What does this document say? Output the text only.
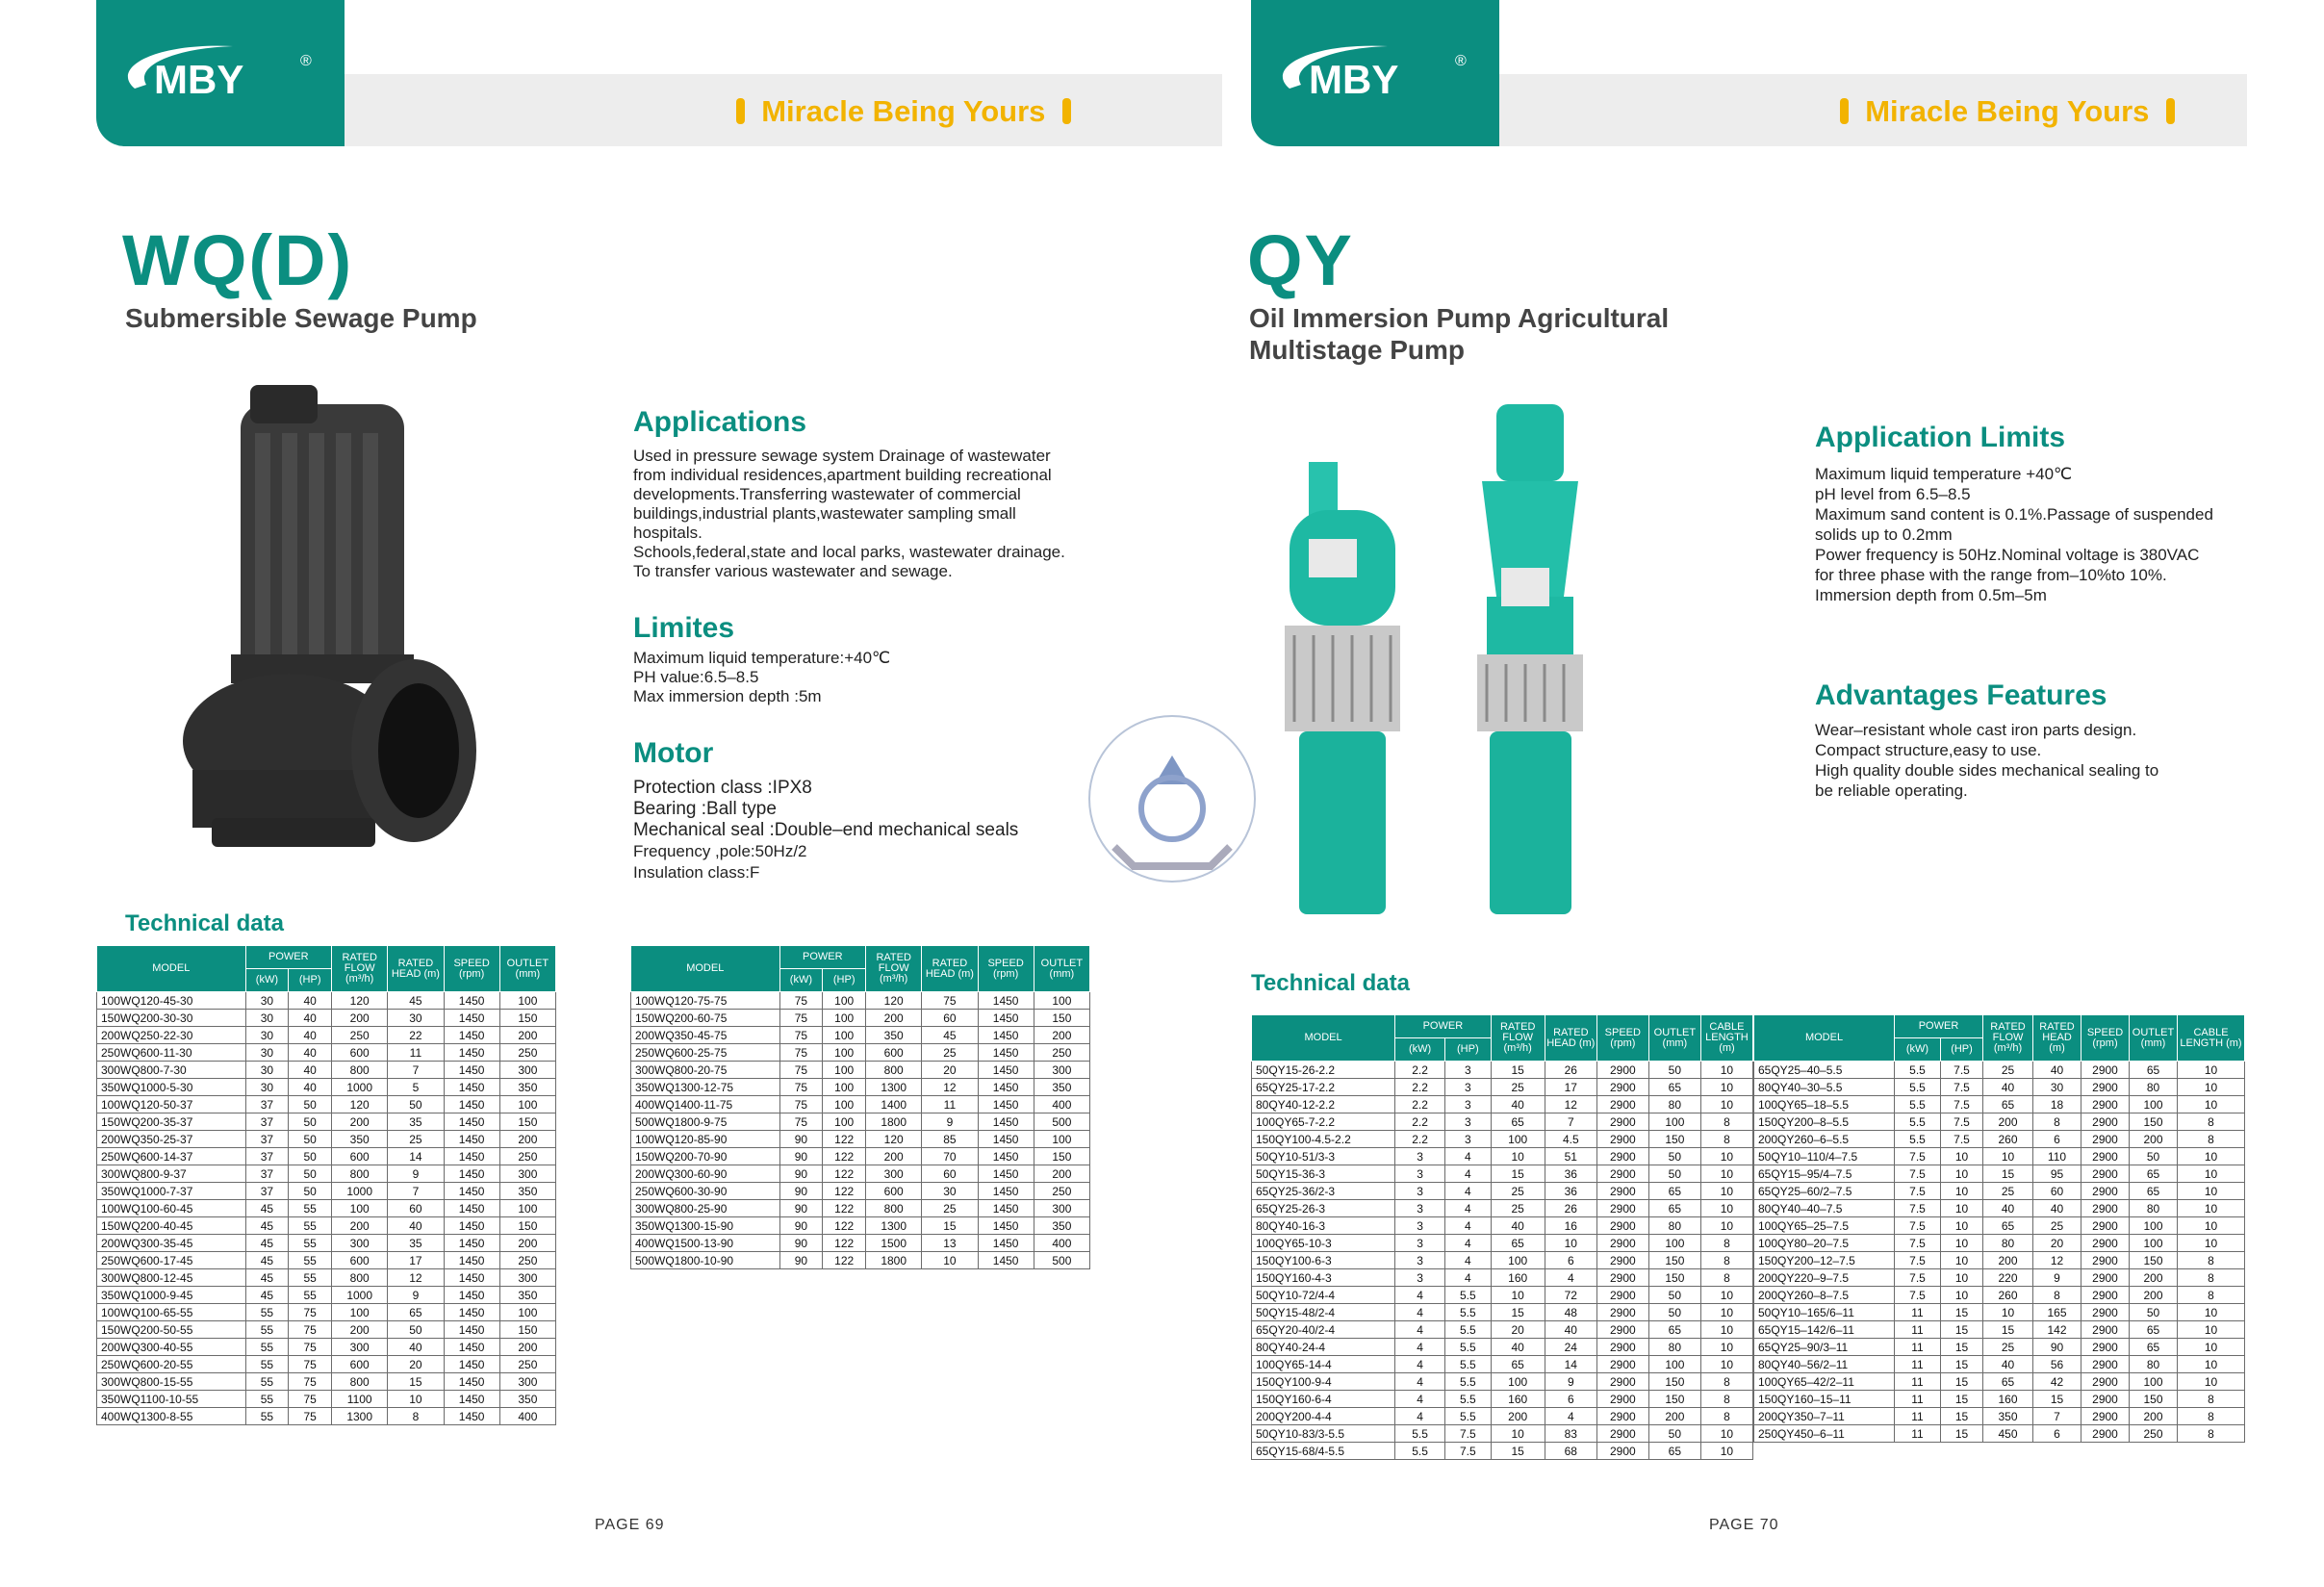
MBY	®
Miracle Being Yours
MBY	®
Miracle Being Yours
WQ(D)
Submersible Sewage Pump
Applications
Used in pressure sewage system Drainage of wastewater
from individual residences,apartment building recreational
developments.Transferring wastewater of commercial
buildings,industrial plants,wastewater sampling small
hospitals.
Schools,federal,state and local parks, wastewater drainage.
To transfer various wastewater and sewage.
Limites
Maximum liquid temperature:+40℃
PH value:6.5–8.5
Max immersion depth :5m
Motor
Protection class :IPX8
Bearing :Ball type
Mechanical seal :Double–end mechanical seals
Frequency ,pole:50Hz/2
Insulation class:F
Technical data
MODEL	POWER		RATED FLOW (m³/h)	RATED HEAD (m)	SPEED (rpm)	OUTLET (mm)
	(kW)	(HP)				
100WQ120-45-30	30	40	120	45	1450	100
150WQ200-30-30	30	40	200	30	1450	150
200WQ250-22-30	30	40	250	22	1450	200
250WQ600-11-30	30	40	600	11	1450	250
300WQ800-7-30	30	40	800	7	1450	300
350WQ1000-5-30	30	40	1000	5	1450	350
100WQ120-50-37	37	50	120	50	1450	100
150WQ200-35-37	37	50	200	35	1450	150
200WQ350-25-37	37	50	350	25	1450	200
250WQ600-14-37	37	50	600	14	1450	250
300WQ800-9-37	37	50	800	9	1450	300
350WQ1000-7-37	37	50	1000	7	1450	350
100WQ100-60-45	45	55	100	60	1450	100
150WQ200-40-45	45	55	200	40	1450	150
200WQ300-35-45	45	55	300	35	1450	200
250WQ600-17-45	45	55	600	17	1450	250
300WQ800-12-45	45	55	800	12	1450	300
350WQ1000-9-45	45	55	1000	9	1450	350
100WQ100-65-55	55	75	100	65	1450	100
150WQ200-50-55	55	75	200	50	1450	150
200WQ300-40-55	55	75	300	40	1450	200
250WQ600-20-55	55	75	600	20	1450	250
300WQ800-15-55	55	75	800	15	1450	300
350WQ1100-10-55	55	75	1100	10	1450	350
400WQ1300-8-55	55	75	1300	8	1450	400
MODEL	POWER		RATED FLOW (m³/h)	RATED HEAD (m)	SPEED (rpm)	OUTLET (mm)
	(kW)	(HP)				
100WQ120-75-75	75	100	120	75	1450	100
150WQ200-60-75	75	100	200	60	1450	150
200WQ350-45-75	75	100	350	45	1450	200
250WQ600-25-75	75	100	600	25	1450	250
300WQ800-20-75	75	100	800	20	1450	300
350WQ1300-12-75	75	100	1300	12	1450	350
400WQ1400-11-75	75	100	1400	11	1450	400
500WQ1800-9-75	75	100	1800	9	1450	500
100WQ120-85-90	90	122	120	85	1450	100
150WQ200-70-90	90	122	200	70	1450	150
200WQ300-60-90	90	122	300	60	1450	200
250WQ600-30-90	90	122	600	30	1450	250
300WQ800-25-90	90	122	800	25	1450	300
350WQ1300-15-90	90	122	1300	15	1450	350
400WQ1500-13-90	90	122	1500	13	1450	400
500WQ1800-10-90	90	122	1800	10	1450	500
PAGE 69
QY
Oil Immersion Pump Agricultural
Multistage Pump
Application Limits
Maximum liquid temperature +40℃
pH level from 6.5–8.5
Maximum sand content is 0.1%.Passage of suspended
solids up to 0.2mm
Power frequency is 50Hz.Nominal voltage is 380VAC
for three phase with the range from–10%to 10%.
Immersion depth from 0.5m–5m
Advantages Features
Wear–resistant whole cast iron parts design.
Compact structure,easy to use.
High quality double sides mechanical sealing to
be reliable operating.
Technical data
MODEL	POWER		RATED FLOW (m³/h)	RATED HEAD (m)	SPEED (rpm)	OUTLET (mm)	CABLE LENGTH (m)
	(kW)	(HP)					
50QY15-26-2.2	2.2	3	15	26	2900	50	10
65QY25-17-2.2	2.2	3	25	17	2900	65	10
80QY40-12-2.2	2.2	3	40	12	2900	80	10
100QY65-7-2.2	2.2	3	65	7	2900	100	8
150QY100-4.5-2.2	2.2	3	100	4.5	2900	150	8
50QY10-51/3-3	3	4	10	51	2900	50	10
50QY15-36-3	3	4	15	36	2900	50	10
65QY25-36/2-3	3	4	25	36	2900	65	10
65QY25-26-3	3	4	25	26	2900	65	10
80QY40-16-3	3	4	40	16	2900	80	10
100QY65-10-3	3	4	65	10	2900	100	8
150QY100-6-3	3	4	100	6	2900	150	8
150QY160-4-3	3	4	160	4	2900	150	8
50QY10-72/4-4	4	5.5	10	72	2900	50	10
50QY15-48/2-4	4	5.5	15	48	2900	50	10
65QY20-40/2-4	4	5.5	20	40	2900	65	10
80QY40-24-4	4	5.5	40	24	2900	80	10
100QY65-14-4	4	5.5	65	14	2900	100	10
150QY100-9-4	4	5.5	100	9	2900	150	8
150QY160-6-4	4	5.5	160	6	2900	150	8
200QY200-4-4	4	5.5	200	4	2900	200	8
50QY10-83/3-5.5	5.5	7.5	10	83	2900	50	10
65QY15-68/4-5.5	5.5	7.5	15	68	2900	65	10
MODEL	POWER		RATED FLOW (m³/h)	RATED HEAD (m)	SPEED (rpm)	OUTLET (mm)	CABLE LENGTH (m)
	(kW)	(HP)					
65QY25–40–5.5	5.5	7.5	25	40	2900	65	10
80QY40–30–5.5	5.5	7.5	40	30	2900	80	10
100QY65–18–5.5	5.5	7.5	65	18	2900	100	10
150QY200–8–5.5	5.5	7.5	200	8	2900	150	8
200QY260–6–5.5	5.5	7.5	260	6	2900	200	8
50QY10–110/4–7.5	7.5	10	10	110	2900	50	10
65QY15–95/4–7.5	7.5	10	15	95	2900	65	10
65QY25–60/2–7.5	7.5	10	25	60	2900	65	10
80QY40–40–7.5	7.5	10	40	40	2900	80	10
100QY65–25–7.5	7.5	10	65	25	2900	100	10
100QY80–20–7.5	7.5	10	80	20	2900	100	10
150QY200–12–7.5	7.5	10	200	12	2900	150	8
200QY220–9–7.5	7.5	10	220	9	2900	200	8
200QY260–8–7.5	7.5	10	260	8	2900	200	8
50QY10–165/6–11	11	15	10	165	2900	50	10
65QY15–142/6–11	11	15	15	142	2900	65	10
65QY25–90/3–11	11	15	25	90	2900	65	10
80QY40–56/2–11	11	15	40	56	2900	80	10
100QY65–42/2–11	11	15	65	42	2900	100	10
150QY160–15–11	11	15	160	15	2900	150	8
200QY350–7–11	11	15	350	7	2900	200	8
250QY450–6–11	11	15	450	6	2900	250	8
PAGE 70
